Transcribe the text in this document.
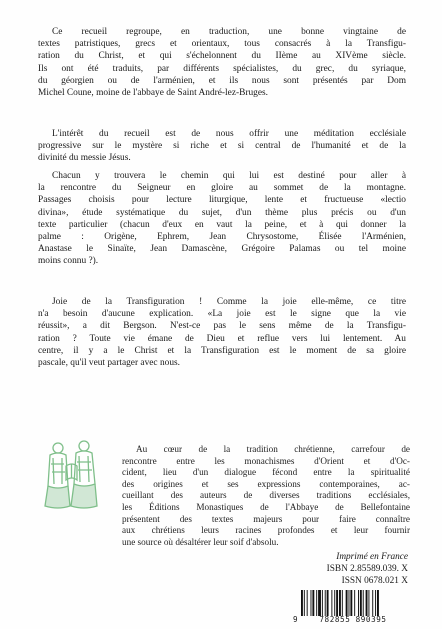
Ce recueil regroupe, en traduction, une bonne vingtaine de
textes patristiques, grecs et orientaux, tous consacrés à la Transfigu-
ration du Christ, et qui s'échelonnent du IIème au XIVème siècle.
Ils ont été traduits, par différents spécialistes, du grec, du syriaque,
du géorgien ou de l'arménien, et ils nous sont présentés par Dom
Michel Coune, moine de l'abbaye de Saint André-lez-Bruges.

L'intérêt du recueil est de nous offrir une méditation ecclésiale
progressive sur le mystère si riche et si central de l'humanité et de la
divinité du messie Jésus.

Chacun y trouvera le chemin qui lui est destiné pour aller à
la rencontre du Seigneur en gloire au sommet de la montagne.
Passages choisis pour lecture liturgique, lente et fructueuse «lectio
divina», étude systématique du sujet, d'un thème plus précis ou d'un
texte particulier (chacun d'eux en vaut la peine, et à qui donner la
palme : Origène, Ephrem, Jean Chrysostome, Élisée l'Arménien,
Anastase le Sinaïte, Jean Damascène, Grégoire Palamas ou tel moine
moins connu ?).

Joie de la Transfiguration ! Comme la joie elle-même, ce titre
n'a besoin d'aucune explication. «La joie est le signe que la vie
réussit», a dit Bergson. N'est-ce pas le sens même de la Transfigu-
ration ? Toute vie émane de Dieu et reflue vers lui lentement. Au
centre, il y a le Christ et la Transfiguration est le moment de sa gloire
pascale, qu'il veut partager avec nous.

Au cœur de la tradition chrétienne, carrefour de
rencontre entre les monachismes d'Orient et d'Oc-
cident, lieu d'un dialogue fécond entre la spiritualité
des origines et ses expressions contemporaines, ac-
cueillant des auteurs de diverses traditions ecclésiales,
les Éditions Monastiques de l'Abbaye de Bellefontaine
présentent des textes majeurs pour faire connaître
aux chrétiens leurs racines profondes et leur fournir
une source où désaltérer leur soif d'absolu.
Imprimé en France
ISBN 2.85589.039. X
ISSN 0678.021 X
9	782855 890395
